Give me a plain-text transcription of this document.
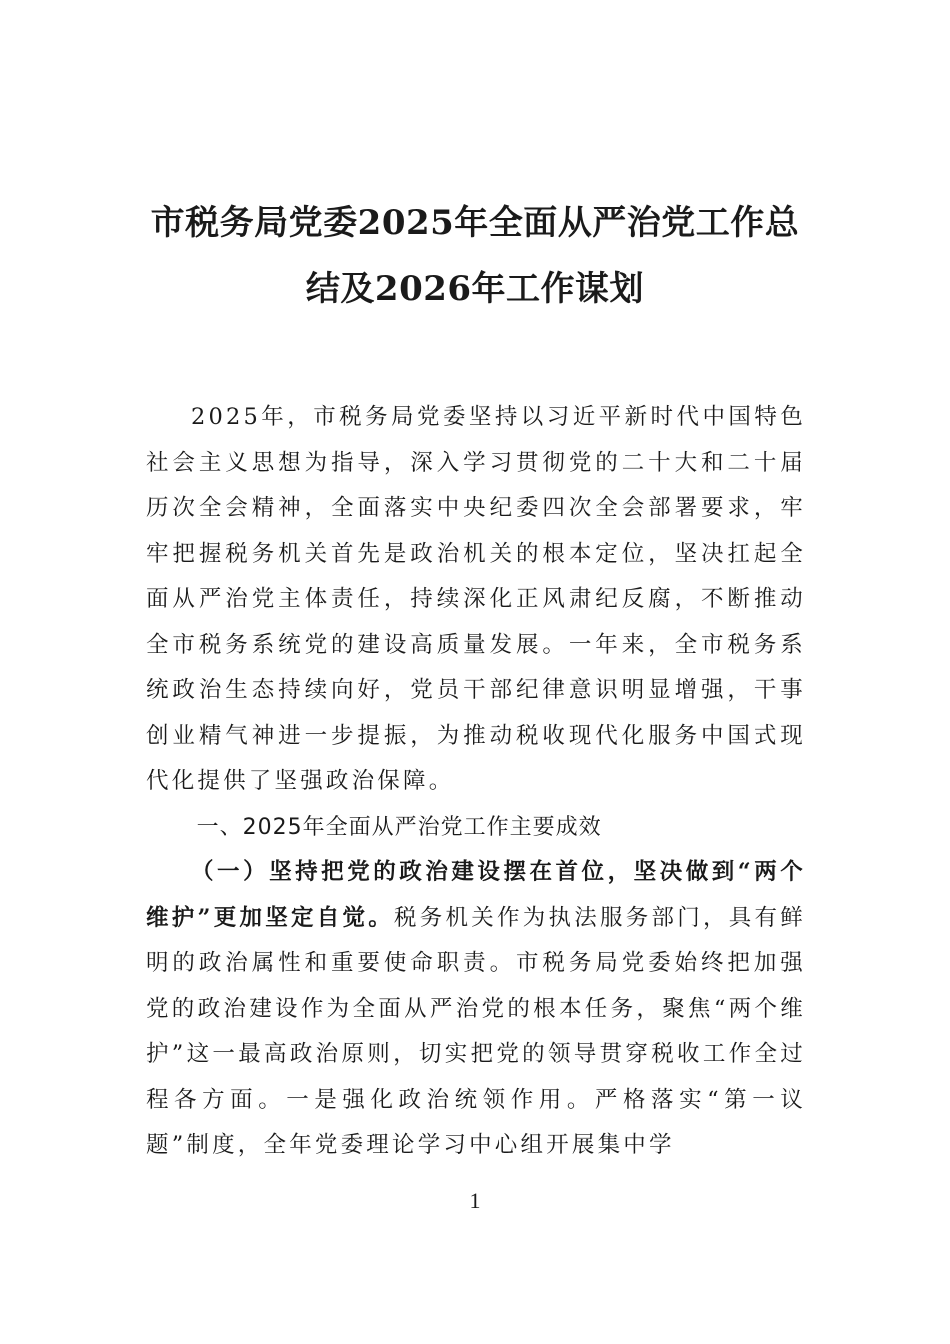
市税务局党委2025年全面从严治党工作总
结及2026年工作谋划

2025年，市税务局党委坚持以习近平新时代中国特色社会主义思想为指导，深入学习贯彻党的二十大和二十届历次全会精神，全面落实中央纪委四次全会部署要求，牢牢把握税务机关首先是政治机关的根本定位，坚决扛起全面从严治党主体责任，持续深化正风肃纪反腐，不断推动全市税务系统党的建设高质量发展。一年来，全市税务系统政治生态持续向好，党员干部纪律意识明显增强，干事创业精气神进一步提振，为推动税收现代化服务中国式现代化提供了坚强政治保障。

一、2025年全面从严治党工作主要成效

（一）坚持把党的政治建设摆在首位，坚决做到“两个维护”更加坚定自觉。税务机关作为执法服务部门，具有鲜明的政治属性和重要使命职责。市税务局党委始终把加强党的政治建设作为全面从严治党的根本任务，聚焦“两个维护”这一最高政治原则，切实把党的领导贯穿税收工作全过程各方面。一是强化政治统领作用。严格落实“第一议题”制度，全年党委理论学习中心组开展集中学

1
